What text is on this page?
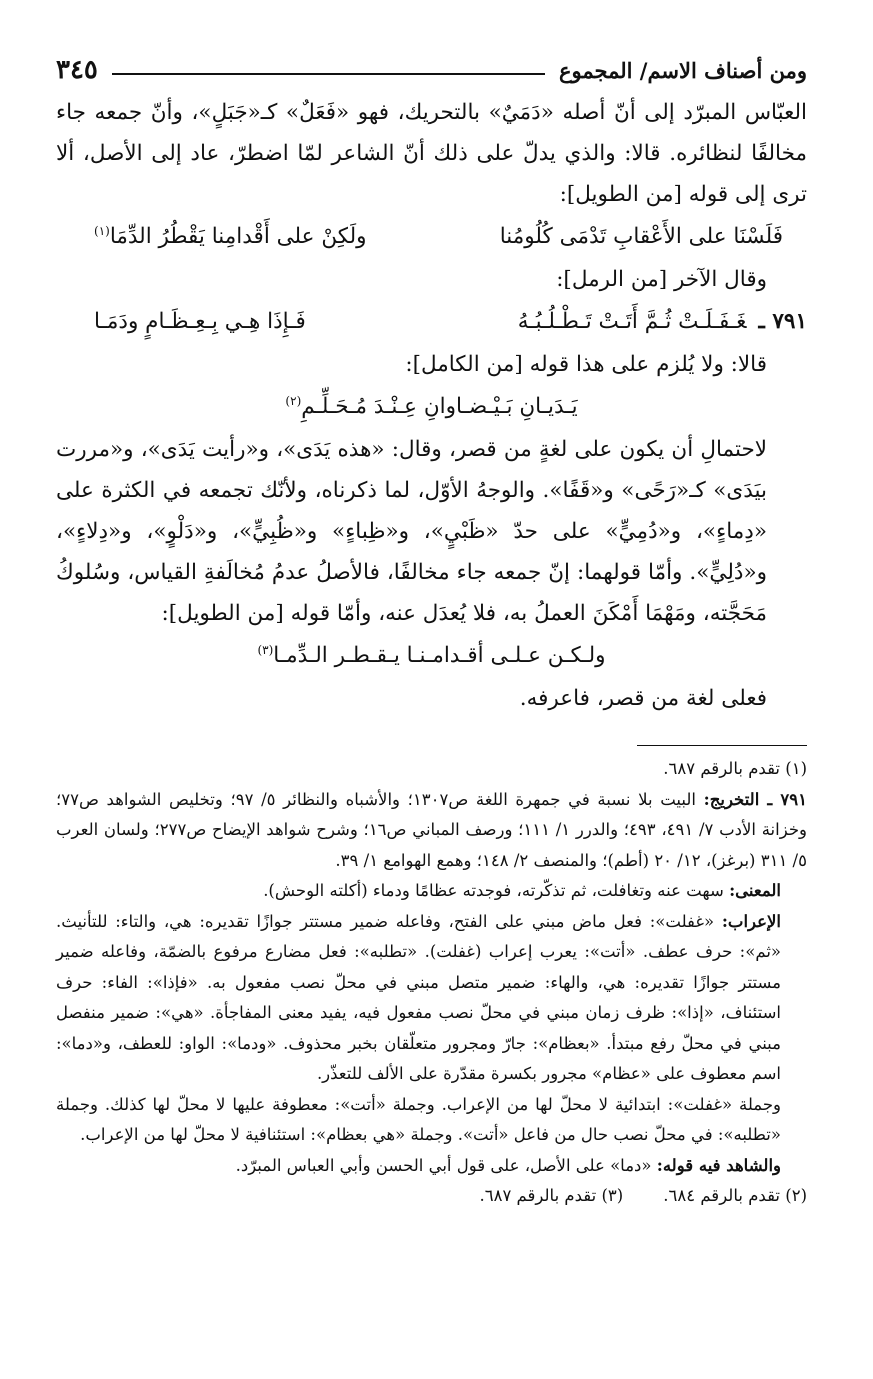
ومن أصناف الاسم/ المجموع
٣٤٥

العبّاس المبرّد إلى أنّ أصله «دَمَيٌ» بالتحريك، فهو «فَعَلٌ» كـ«جَبَلٍ»، وأنّ جمعه جاء مخالفًا لنظائره. قالا: والذي يدلّ على ذلك أنّ الشاعر لمّا اضطرّ، عاد إلى الأصل، ألا ترى إلى قوله [من الطويل]:

فَلَسْنَا على الأَعْقابِ تَدْمَى كُلُومُنا
ولَكِنْ على أَقْدامِنا يَقْطُرُ الدِّمَا$^{(١)}$

وقال الآخر [من الرمل]:

٧٩١ ـغَـفَـلَـتْ ثُـمَّ أَتَـتْ تَـطْـلُـبُـهُ
فَـإِذَا هِـي بِـعِـظَـامٍ ودَمَـا

قالا: ولا يُلزم على هذا قوله [من الكامل]:

يَـدَيـانِ بَـيْـضـاوانِ عِـنْـدَ مُـحَـلِّـمِ$^{(٢)}$

لاحتمالِ أن يكون على لغةٍ من قصر، وقال: «هذه يَدَى»، و«رأيت يَدَى»، و«مررت بيَدَى» كـ«رَحًى» و«قَفًا». والوجهُ الأوّل، لما ذكرناه، ولأنّك تجمعه في الكثرة على «دِماءٍ»، و«دُمِيٍّ» على حدّ «ظَبْيٍ»، و«ظِباءٍ» و«ظُبِيٍّ»، و«دَلْوٍ»، و«دِلاءٍ»، و«دُلِيٍّ». وأمّا قولهما: إنّ جمعه جاء مخالفًا، فالأصلُ عدمُ مُخالَفةِ القياس، وسُلوكُ مَحَجَّته، ومَهْمَا أَمْكَنَ العملُ به، فلا يُعدَل عنه، وأمّا قوله [من الطويل]:

ولـكـن عـلـى أقـدامـنـا يـقـطـر الـدِّمـا$^{(٣)}$

فعلى لغة من قصر، فاعرفه.

(١) تقدم بالرقم ٦٨٧.

٧٩١ ـ التخريج: البيت بلا نسبة في جمهرة اللغة ص١٣٠٧؛ والأشباه والنظائر ٥/ ٩٧؛ وتخليص الشواهد ص٧٧؛ وخزانة الأدب ٧/ ٤٩١، ٤٩٣؛ والدرر ١/ ١١١؛ ورصف المباني ص١٦؛ وشرح شواهد الإيضاح ص٢٧٧؛ ولسان العرب ٥/ ٣١١ (برغز)، ١٢/ ٢٠ (أطم)؛ والمنصف ٢/ ١٤٨؛ وهمع الهوامع ١/ ٣٩.

المعنى: سهت عنه وتغافلت، ثم تذكّرته، فوجدته عظامًا ودماء (أكلته الوحش).

الإعراب: «غفلت»: فعل ماض مبني على الفتح، وفاعله ضمير مستتر جوازًا تقديره: هي، والتاء: للتأنيث. «ثم»: حرف عطف. «أتت»: يعرب إعراب (غفلت). «تطلبه»: فعل مضارع مرفوع بالضمّة، وفاعله ضمير مستتر جوازًا تقديره: هي، والهاء: ضمير متصل مبني في محلّ نصب مفعول به. «فإذا»: الفاء: حرف استئناف، «إذا»: ظرف زمان مبني في محلّ نصب مفعول فيه، يفيد معنى المفاجأة. «هي»: ضمير منفصل مبني في محلّ رفع مبتدأ. «بعظام»: جارّ ومجرور متعلّقان بخبر محذوف. «ودما»: الواو: للعطف، و«دما»: اسم معطوف على «عظام» مجرور بكسرة مقدّرة على الألف للتعذّر.

وجملة «غفلت»: ابتدائية لا محلّ لها من الإعراب. وجملة «أتت»: معطوفة عليها لا محلّ لها كذلك. وجملة «تطلبه»: في محلّ نصب حال من فاعل «أتت». وجملة «هي بعظام»: استئنافية لا محلّ لها من الإعراب.

والشاهد فيه قوله: «دما» على الأصل، على قول أبي الحسن وأبي العباس المبرّد.

(٢) تقدم بالرقم ٦٨٤.
(٣) تقدم بالرقم ٦٨٧.
